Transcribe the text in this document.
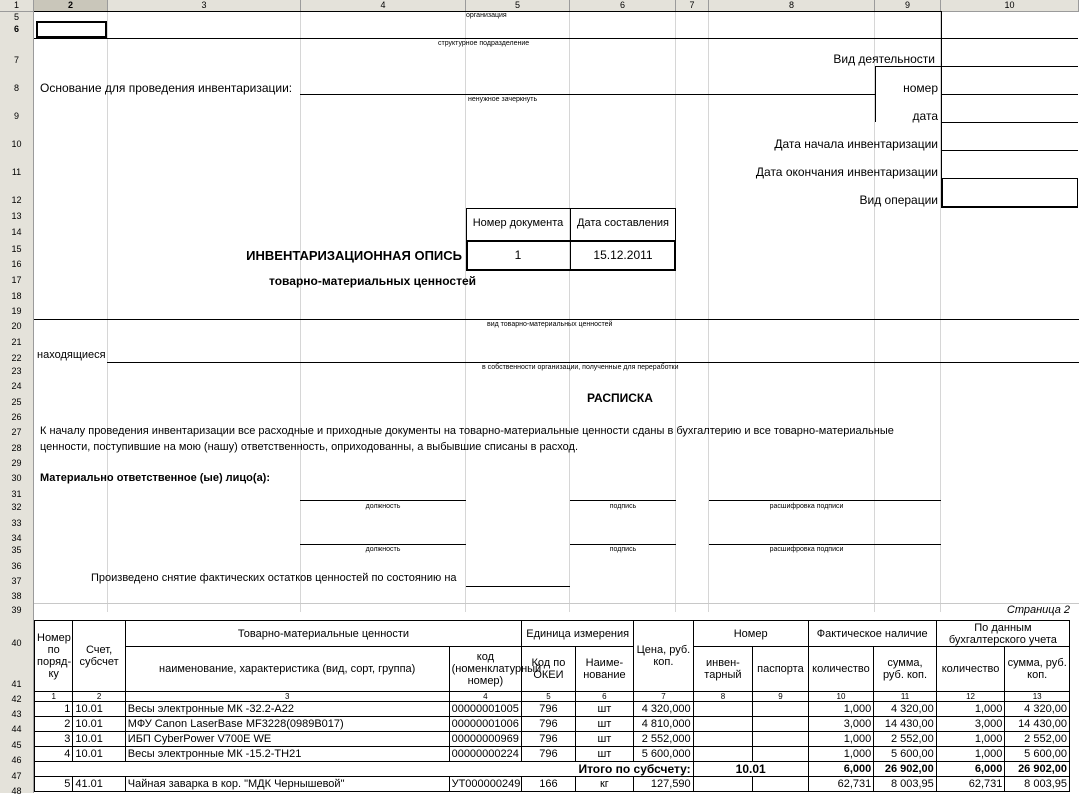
1	2	3	4	5	6	7	8	9	10
5
6
7
8
9
10
11
12
13
14
15
16
17
18
19
20
21
22
23
24
25
26
27
28
29
30
31
32
33
34
35
36
37
38
39
40
41
42
43
44
45
46
47
48
организация
структурное подразделение
Вид деятельности
Основание для проведения инвентаризации:	номер
ненужное зачеркнуть
дата
Дата начала инвентаризации
Дата окончания инвентаризации
Вид операции
Номер документа	Дата составления
1	15.12.2011
ИНВЕНТАРИЗАЦИОННАЯ ОПИСЬ
товарно-материальных ценностей
вид товарно-материальных ценностей
находящиеся
в собственности организации, полученные для переработки
РАСПИСКА
К началу проведения инвентаризации все расходные и приходные документы на товарно-материальные ценности сданы в бухгалтерию и все товарно-материальные
ценности, поступившие на мою (нашу) ответственность, оприходованны, а выбывшие списаны в расход.
Материально ответственное (ые) лицо(а):
должность	подпись	расшифровка подписи
должность	подпись	расшифровка подписи
Произведено снятие фактических остатков ценностей по состоянию на
Страница 2
Номер по поряд-ку	Счет, субсчет	Товарно-материальные ценности		Единица измерения		Цена, руб. коп.	Номер		Фактическое наличие		По данным бухгалтерского учета	
		наименование, характеристика (вид, сорт, группа)	код (номенклатурный номер)	Код по ОКЕИ	Наиме-нование		инвен-тарный	паспорта	количество	сумма, руб. коп.	количество	сумма, руб. коп.
1	2	3	4	5	6	7	8	9	10	11	12	13
1	10.01	Весы электронные МК -32.2-А22	00000001005	796	шт	4 320,000			1,000	4 320,00	1,000	4 320,00
2	10.01	МФУ Canon LaserBase MF3228(0989B017)	00000001006	796	шт	4 810,000			3,000	14 430,00	3,000	14 430,00
3	10.01	ИБП CyberPower V700E WE	00000000969	796	шт	2 552,000			1,000	2 552,00	1,000	2 552,00
4	10.01	Весы электронные МК -15.2-ТН21	00000000224	796	шт	5 600,000			1,000	5 600,00	1,000	5 600,00
Итого по субсчету:							10.01		6,000	26 902,00	6,000	26 902,00
5	41.01	Чайная заварка в кор. "МДК Чернышевой"	УТ000000249	166	кг	127,590			62,731	8 003,95	62,731	8 003,95
